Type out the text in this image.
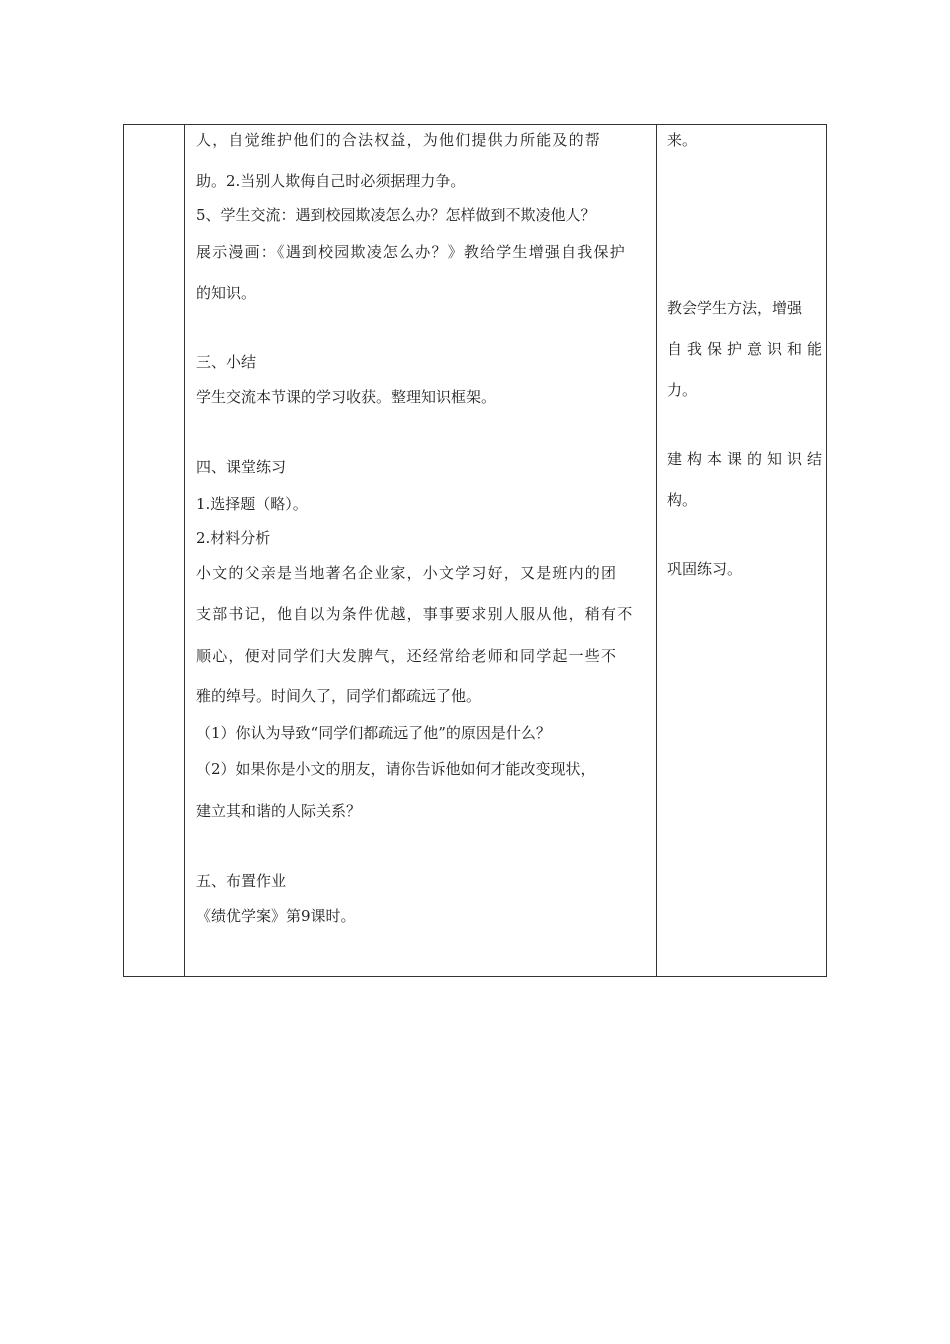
人，自觉维护他们的合法权益，为他们提供力所能及的帮
助。2.当别人欺侮自己时必须据理力争。
5、学生交流：遇到校园欺凌怎么办？怎样做到不欺凌他人？
展示漫画：《遇到校园欺凌怎么办？》教给学生增强自我保护
的知识。
三、小结
学生交流本节课的学习收获。整理知识框架。
四、课堂练习
1.选择题（略）。
2.材料分析
小文的父亲是当地著名企业家，小文学习好，又是班内的团
支部书记，他自以为条件优越，事事要求别人服从他，稍有不
顺心，便对同学们大发脾气，还经常给老师和同学起一些不
雅的绰号。时间久了，同学们都疏远了他。
（1）你认为导致“同学们都疏远了他”的原因是什么？
（2）如果你是小文的朋友，请你告诉他如何才能改变现状，
建立其和谐的人际关系？
五、布置作业
《绩优学案》第9课时。
来。
教会学生方法，增强
自我保护意识和能
力。
建构本课的知识结
构。
巩固练习。
